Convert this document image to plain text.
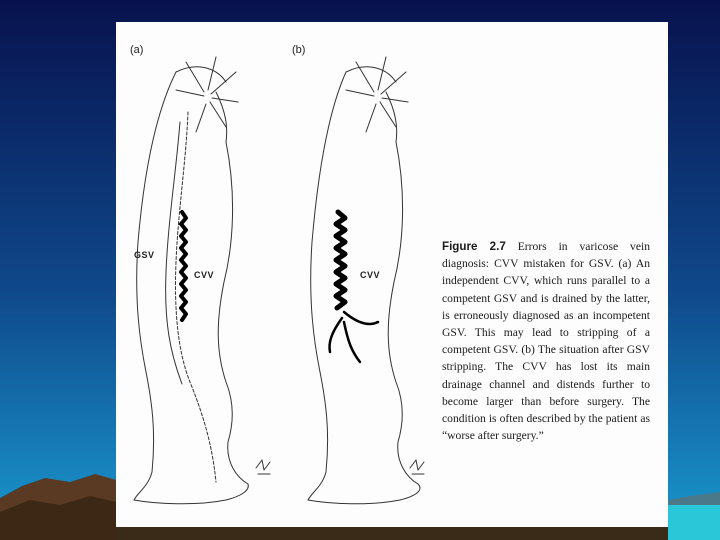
(a)	(b)
GSV
CVV	CVV
Figure 2.7 Errors in varicose vein diagnosis: CVV mistaken for GSV. (a) An independent CVV, which runs parallel to a competent GSV and is drained by the latter, is erroneously diagnosed as an incompetent GSV. This may lead to stripping of a competent GSV. (b) The situation after GSV stripping. The CVV has lost its main drainage channel and distends further to become larger than before surgery. The condition is often described by the patient as “worse after surgery.”
